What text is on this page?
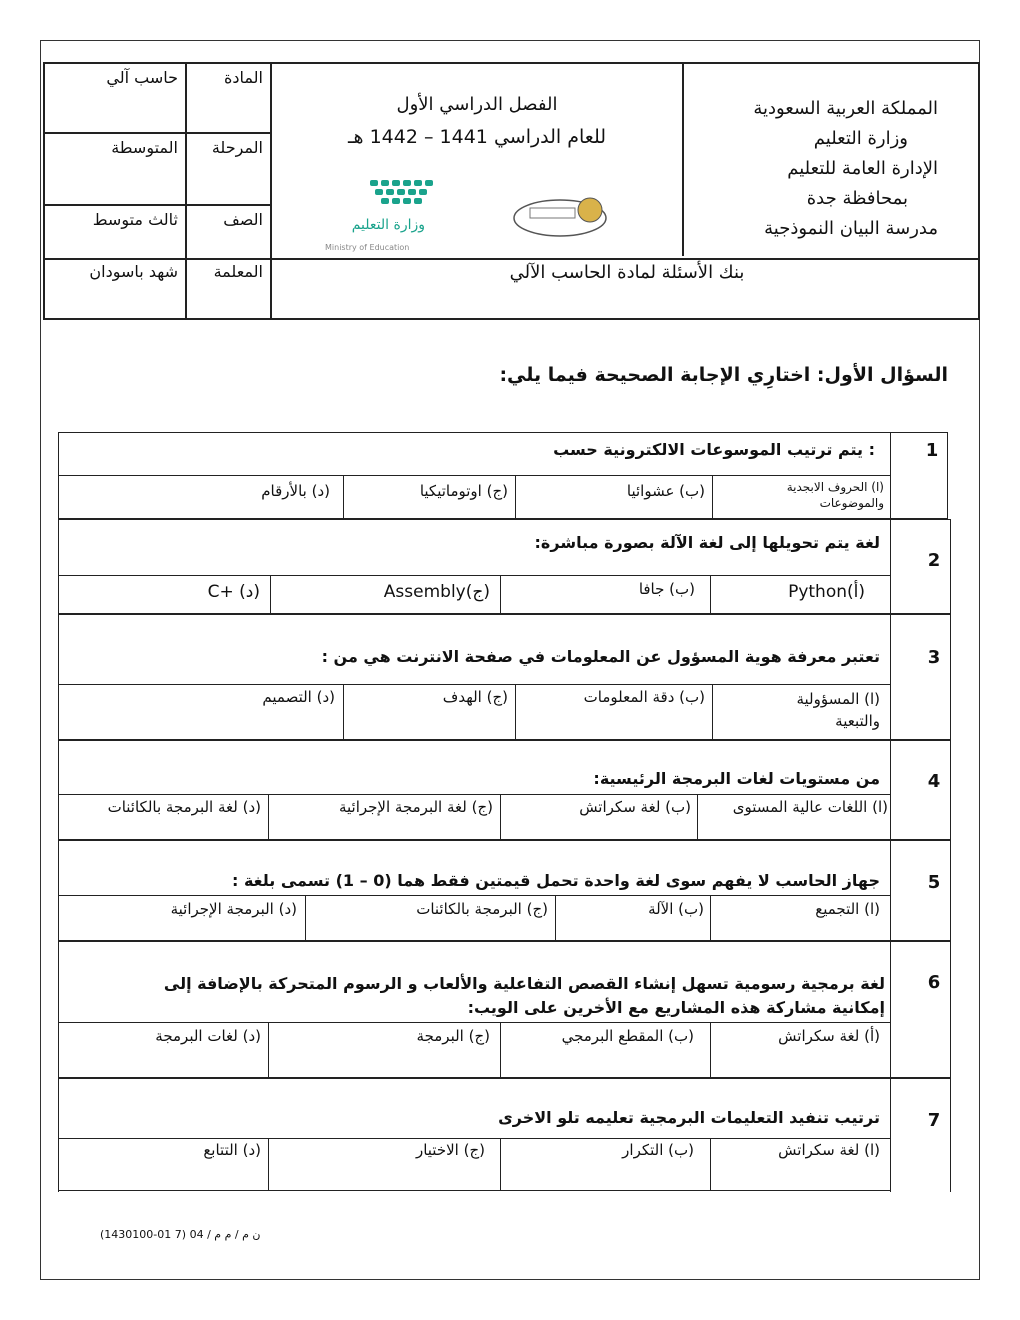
المادة
حاسب آلي
المرحلة
المتوسطة
الصف
ثالث متوسط
المعلمة
شهد باسودان
الفصل الدراسي الأول
للعام الدراسي 1441 – 1442 هـ
بنك الأسئلة لمادة الحاسب الآلي
المملكة العربية السعودية
وزارة التعليم
الإدارة العامة للتعليم
بمحافظة جدة
مدرسة البيان النموذجية
وزارة التعليم
Ministry of Education
السؤال الأول: اختارِي الإجابة الصحيحة فيما يلي:
1
: يتم ترتيب الموسوعات الالكترونية حسب
(ا) الحروف الابجدية والموضوعات
(ب) عشوائيا
(ج) اوتوماتيكيا
(د) بالأرقام
2
لغة يتم تحويلها إلى لغة الآلة بصورة مباشرة:
Python(أ)
(ب) جافا
Assembly(ج)
C+ (د)
3
تعتبر معرفة هوية المسؤول عن المعلومات في صفحة الانترنت هي من :
(ا) المسؤولية والتبعية
(ب) دقة المعلومات
(ج) الهدف
(د) التصميم
4
من مستويات لغات البرمجة الرئيسية:
(ا) اللغات عالية المستوى
(ب) لغة سكراتش
(ج) لغة البرمجة الإجرائية
(د) لغة البرمجة بالكائنات
5
جهاز الحاسب لا يفهم سوى لغة واحدة تحمل قيمتين فقط هما (0 – 1) تسمى بلغة :
(ا) التجميع
(ب) الآلة
(ج) البرمجة بالكائنات
(د) البرمجة الإجرائية
6
لغة برمجية رسومية تسهل إنشاء القصص التفاعلية والألعاب و الرسوم المتحركة بالإضافة إلى إمكانية مشاركة هذه المشاريع مع الأخرين على الويب:
(أ) لغة سكراتش
(ب) المقطع البرمجي
(ج) البرمجة
(د) لغات البرمجة
7
ترتيب تنفيد التعليمات البرمجية تعليمه تلو الاخرى
(ا) لغة سكراتش
(ب) التكرار
(ج) الاختيار
(د) التتابع
ن م / م م / 04 (7 01-1430100)
